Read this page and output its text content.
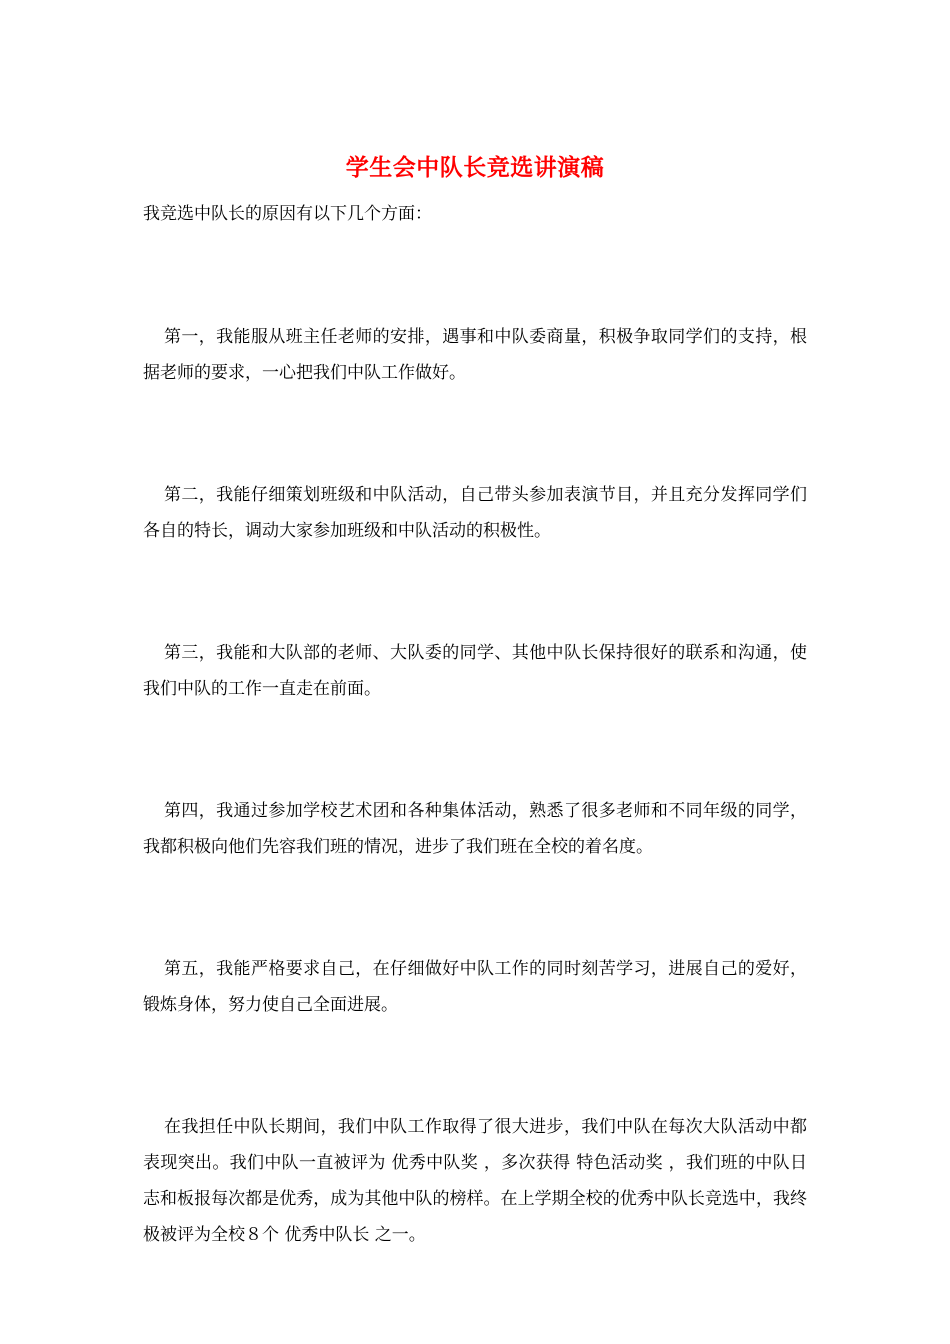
学生会中队长竞选讲演稿

我竞选中队长的原因有以下几个方面：

第一，我能服从班主任老师的安排，遇事和中队委商量，积极争取同学们的支持，根据老师的要求，一心把我们中队工作做好。

第二，我能仔细策划班级和中队活动，自己带头参加表演节目，并且充分发挥同学们各自的特长，调动大家参加班级和中队活动的积极性。

第三，我能和大队部的老师、大队委的同学、其他中队长保持很好的联系和沟通，使我们中队的工作一直走在前面。

第四，我通过参加学校艺术团和各种集体活动，熟悉了很多老师和不同年级的同学，我都积极向他们先容我们班的情况，进步了我们班在全校的着名度。

第五，我能严格要求自己，在仔细做好中队工作的同时刻苦学习，进展自己的爱好，锻炼身体，努力使自己全面进展。

在我担任中队长期间，我们中队工作取得了很大进步，我们中队在每次大队活动中都表现突出。我们中队一直被评为 优秀中队奖 ，多次获得 特色活动奖 ，我们班的中队日志和板报每次都是优秀，成为其他中队的榜样。在上学期全校的优秀中队长竞选中，我终极被评为全校８个 优秀中队长 之一。
